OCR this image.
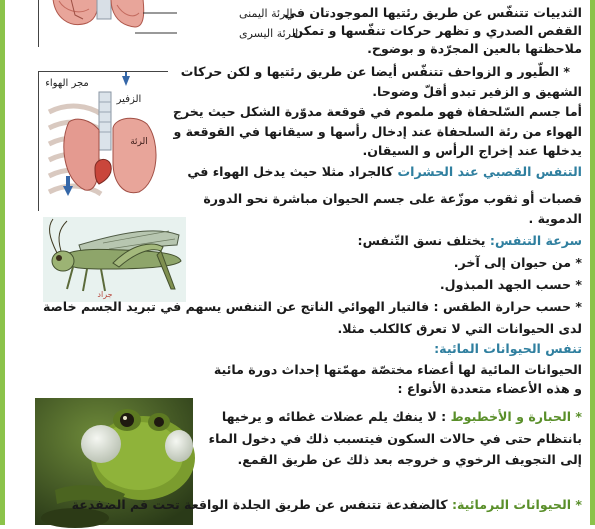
الرئة اليمنى
الرئة اليسرى
مجر الهواء
الزفير
الرئة
جراد
الثدييات تتنفّس عن طريق رئتيها الموجودتان في
القفص الصدري و تظهر حركات تنفّسها و تمكن
ملاحظتها بالعين المجرّدة و بوضوح.
* الطّيور و الزواحف تتنفّس أيضا عن طريق رئتيها و لكن حركات
الشهيق و الزفير تبدو أقلّ وضوحا.
أما جسم السّلحفاة فهو ملموم في قوقعة مدوّرة الشكل حيث يخرج
الهواء من رئة السلحفاة عند إدخال رأسها و سيقانها في القوقعة و
يدخلها عند إخراج الرأس و السيقان.
التنفس القصبي عند الحشرات كالجراد مثلا حيث يدخل الهواء في
قصبات أو ثقوب موزّعة على جسم الحيوان مباشرة نحو الدورة
الدموية .
سرعة التنفس: يختلف نسق التّنفس:
* من حيوان إلى آخر.
* حسب الجهد المبذول.
* حسب حرارة الطقس : فالتيار الهوائي الناتج عن التنفس يسهم في تبريد الجسم خاصة
لدى الحيوانات التي لا تعرق كالكلب مثلا.
تنفس الحيوانات المائية:
الحيوانات المائية لها أعضاء مختصّة مهمّتها إحداث دورة مائية
و هذه الأعضاء متعددة الأنواع :
* الحبارة و الأخطبوط : لا ينفك يلم عضلات غطائه و يرخيها
بانتظام حتى في حالات السكون فيتسبب ذلك في دخول الماء
إلى التجويف الرخوي و خروجه بعد ذلك عن طريق القمع.
* الحيوانات البرمائية: كالضفدعة تتنفس عن طريق الجلدة الواقعة تحت فم الضفدعة
